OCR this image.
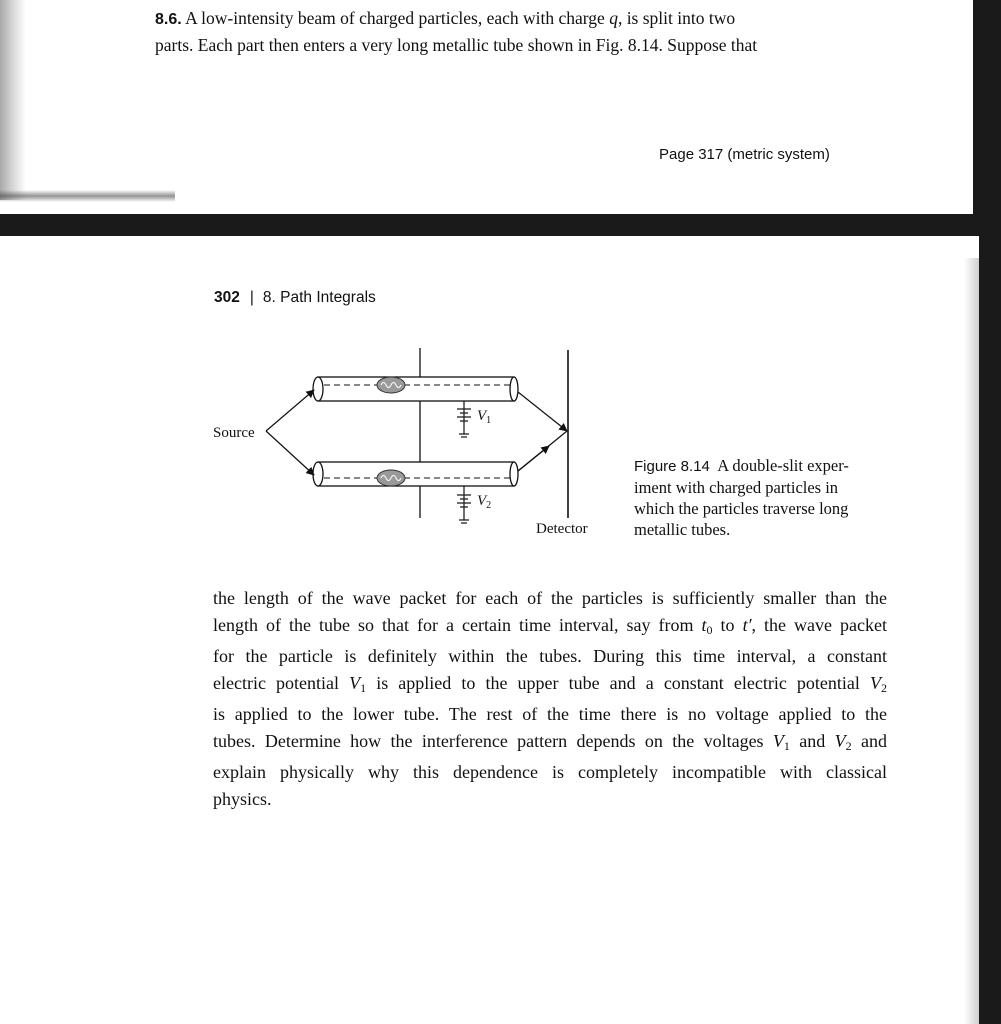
8.6. A low-intensity beam of charged particles, each with charge q, is split into two
parts. Each part then enters a very long metallic tube shown in Fig. 8.14. Suppose that
Page 317 (metric system)
302 | 8. Path Integrals
Source
Detector
$V_1$
$V_2$
Figure 8.14 A double-slit exper-
iment with charged particles in
which the particles traverse long
metallic tubes.
the length of the wave packet for each of the particles is sufficiently smaller than the
length of the tube so that for a certain time interval, say from $t_0$ to t′, the wave packet
for the particle is definitely within the tubes. During this time interval, a constant
electric potential $V_1$ is applied to the upper tube and a constant electric potential $V_2$
is applied to the lower tube. The rest of the time there is no voltage applied to the
tubes. Determine how the interference pattern depends on the voltages $V_1$ and $V_2$ and
explain physically why this dependence is completely incompatible with classical
physics.
